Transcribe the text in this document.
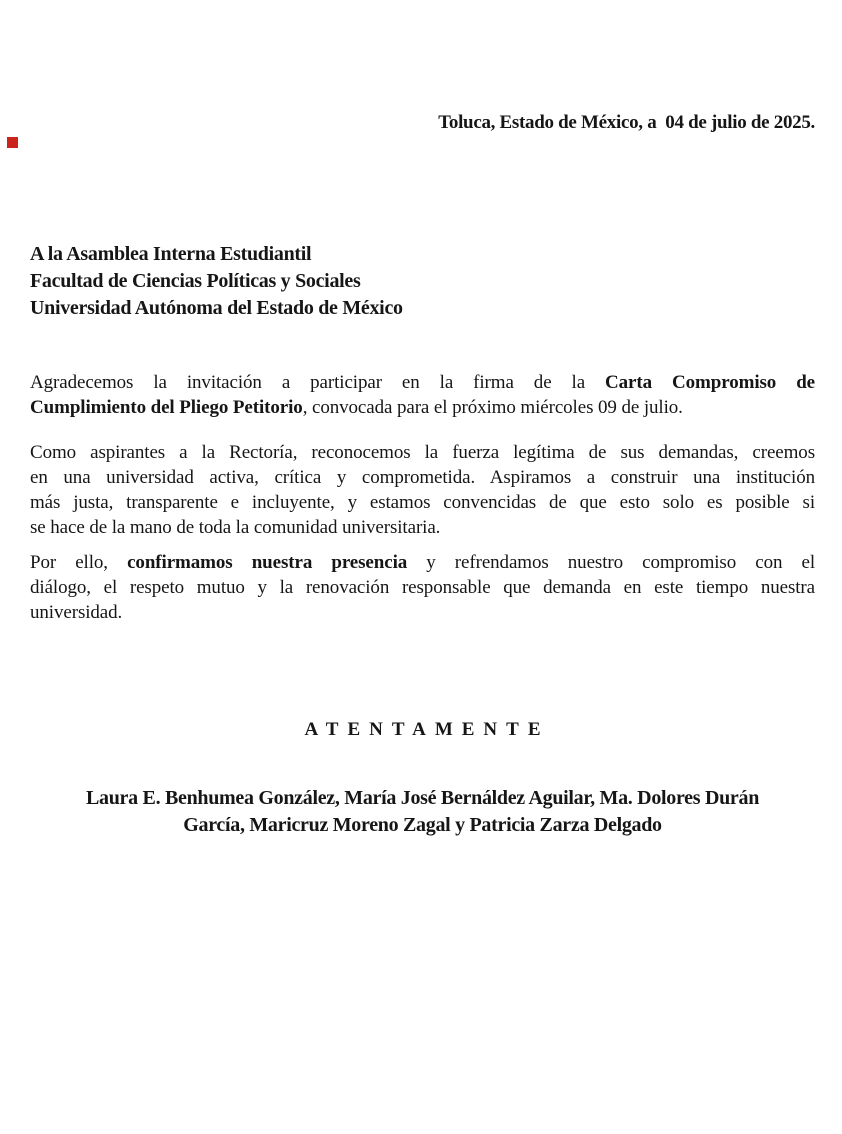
Toluca, Estado de México, a  04 de julio de 2025.
A la Asamblea Interna Estudiantil
Facultad de Ciencias Políticas y Sociales
Universidad Autónoma del Estado de México
Agradecemos la invitación a participar en la firma de la Carta Compromiso de
Cumplimiento del Pliego Petitorio, convocada para el próximo miércoles 09 de julio.
Como aspirantes a la Rectoría, reconocemos la fuerza legítima de sus demandas, creemos
en una universidad activa, crítica y comprometida. Aspiramos a construir una institución
más justa, transparente e incluyente, y estamos convencidas de que esto solo es posible si
se hace de la mano de toda la comunidad universitaria.
Por ello, confirmamos nuestra presencia y refrendamos nuestro compromiso con el
diálogo, el respeto mutuo y la renovación responsable que demanda en este tiempo nuestra
universidad.
ATENTAMENTE
Laura E. Benhumea González, María José Bernáldez Aguilar, Ma. Dolores Durán
García, Maricruz Moreno Zagal y Patricia Zarza Delgado
